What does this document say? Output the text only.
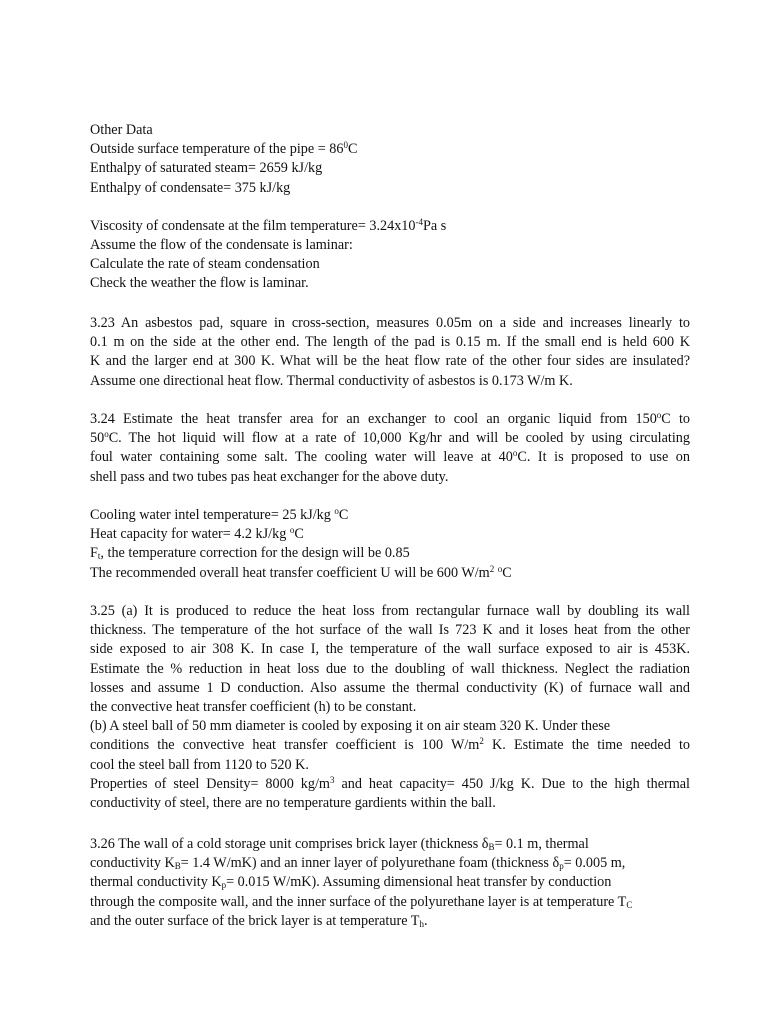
Other Data
Outside surface temperature of the pipe = $86^0C$
Enthalpy of saturated steam= 2659 kJ/kg
Enthalpy of condensate= 375 kJ/kg
Viscosity of condensate at the film temperature= $3.24x10^{-4}Pa$ s
Assume the flow of the condensate is laminar:
Calculate the rate of steam condensation
Check the weather the flow is laminar.
3.23 An asbestos pad, square in cross-section, measures 0.05m on a side and increases linearly to
0.1 m on the side at the other end. The length of the pad is 0.15 m. If the small end is held 600 K
K and the larger end at 300 K. What will be the heat flow rate of the other four sides are insulated?
Assume one directional heat flow. Thermal conductivity of asbestos is 0.173 W/m K.
3.24 Estimate the heat transfer area for an exchanger to cool an organic liquid from 150$^o$C to
50$^o$C. The hot liquid will flow at a rate of 10,000 Kg/hr and will be cooled by using circulating
foul water containing some salt. The cooling water will leave at 40$^o$C. It is proposed to use on
shell pass and two tubes pas heat exchanger for the above duty.
Cooling water intel temperature= 25 kJ/kg $^o$C
Heat capacity for water= 4.2 kJ/kg $^o$C
$F_t$, the temperature correction for the design will be 0.85
The recommended overall heat transfer coefficient U will be 600 $W/m^2$ $^o$C
3.25 (a) It is produced to reduce the heat loss from rectangular furnace wall by doubling its wall
thickness. The temperature of the hot surface of the wall Is 723 K and it loses heat from the other
side exposed to air 308 K. In case I, the temperature of the wall surface exposed to air is 453K.
Estimate the % reduction in heat loss due to the doubling of wall thickness. Neglect the radiation
losses and assume 1 D conduction. Also assume the thermal conductivity (K) of furnace wall and
the convective heat transfer coefficient (h) to be constant.
(b) A steel ball of 50 mm diameter is cooled by exposing it on air steam 320 K. Under these
conditions the convective heat transfer coefficient is 100 $W/m^2$ K. Estimate the time needed to
cool the steel ball from 1120 to 520 K.
Properties of steel Density= 8000 $kg/m^3$ and heat capacity= 450 J/kg K. Due to the high thermal
conductivity of steel, there are no temperature gardients within the ball.
3.26 The wall of a cold storage unit comprises brick layer (thickness $\delta_B= 0.1$ m, thermal
conductivity $K_B= 1.4$ W/mK) and an inner layer of polyurethane foam (thickness $\delta_p= 0.005$ m,
thermal conductivity $K_p= 0.015$ W/mK). Assuming dimensional heat transfer by conduction
through the composite wall, and the inner surface of the polyurethane layer is at temperature $T_C$
and the outer surface of the brick layer is at temperature $T_h$.
